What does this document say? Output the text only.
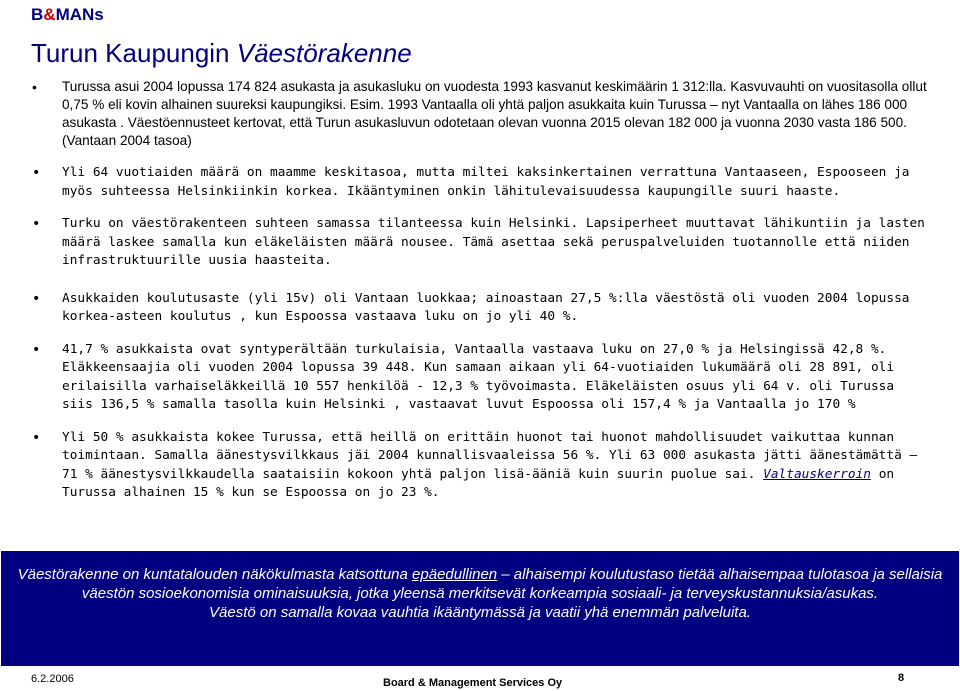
B&MANs
Turun Kaupungin Väestörakenne
• Turussa asui 2004 lopussa 174 824 asukasta ja asukasluku on vuodesta 1993 kasvanut keskimäärin 1 312:lla. Kasvuvauhti on vuositasolla ollut 0,75 % eli kovin alhainen suureksi kaupungiksi. Esim. 1993 Vantaalla oli yhtä paljon asukkaita kuin Turussa – nyt Vantaalla on lähes 186 000 asukasta . Väestöennusteet kertovat, että Turun asukasluvun odotetaan olevan vuonna 2015 olevan 182 000 ja vuonna 2030 vasta 186 500. (Vantaan 2004 tasoa)
• Yli 64 vuotiaiden määrä on maamme keskitasoa, mutta miltei kaksinkertainen verrattuna Vantaaseen, Espooseen ja myös suhteessa Helsinkiinkin korkea. Ikääntyminen onkin lähitulevaisuudessa kaupungille suuri haaste.
• Turku on väestörakenteen suhteen samassa tilanteessa kuin Helsinki. Lapsiperheet muuttavat lähikuntiin ja lasten määrä laskee samalla kun eläkeläisten määrä nousee. Tämä asettaa sekä peruspalveluiden tuotannolle että niiden infrastruktuurille uusia haasteita.
• Asukkaiden koulutusaste (yli 15v) oli Vantaan luokkaa; ainoastaan 27,5 %:lla väestöstä oli vuoden 2004 lopussa korkea-asteen koulutus , kun Espoossa vastaava luku on jo yli 40 %.
• 41,7 % asukkaista ovat syntyperältään turkulaisia, Vantaalla vastaava luku on 27,0 % ja Helsingissä 42,8 %. Eläkkeensaajia oli vuoden 2004 lopussa 39 448. Kun samaan aikaan yli 64-vuotiaiden lukumäärä oli 28 891, oli erilaisilla varhaiseläkkeillä 10 557 henkilöä - 12,3 % työvoimasta. Eläkeläisten osuus yli 64 v. oli Turussa siis 136,5 % samalla tasolla kuin Helsinki , vastaavat luvut Espoossa oli 157,4 % ja Vantaalla jo 170 %
• Yli 50 % asukkaista kokee Turussa, että heillä on erittäin huonot tai huonot mahdollisuudet vaikuttaa kunnan toimintaan. Samalla äänestysvilkkaus jäi 2004 kunnallisvaaleissa 56 %. Yli 63 000 asukasta jätti äänestämättä – 71 % äänestysvilkkaudella saataisiin kokoon yhtä paljon lisä-ääniä kuin suurin puolue sai. Valtauskerroin on Turussa alhainen 15 % kun se Espoossa on jo 23 %.
Väestörakenne on kuntatalouden näkökulmasta katsottuna epäedullinen – alhaisempi koulutustaso tietää alhaisempaa tulotasoa ja sellaisia väestön sosioekonomisia ominaisuuksia, jotka yleensä merkitsevät korkeampia sosiaali- ja terveyskustannuksia/asukas.
Väestö on samalla kovaa vauhtia ikääntymässä ja vaatii yhä enemmän palveluita.
6.2.2006	Board & Management Services Oy	8
